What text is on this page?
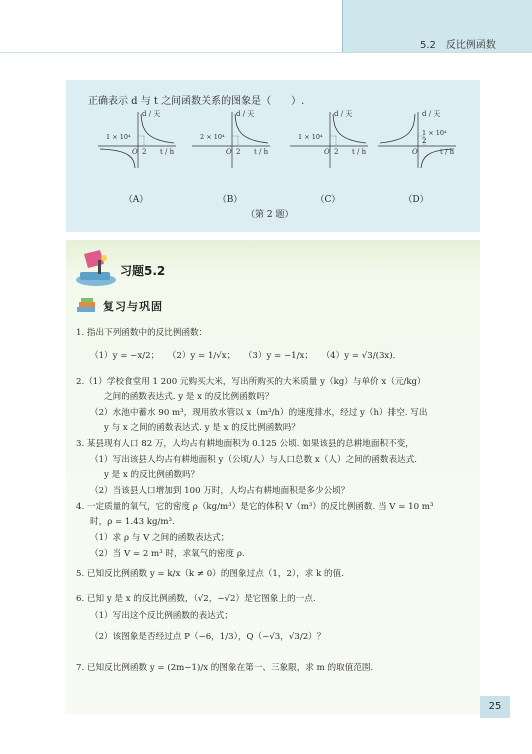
5.2　反比例函数
正确表示 d 与 t 之间函数关系的图象是（　　）.
d / 天
1 × 10⁴
O 2 t / h
d / 天
2 × 10⁴
O 2 t / h
d / 天
1 × 10⁴
O 2 t / h
d / 天
1 × 10⁴
O
2
t / h
（A）	（B）	（C）	（D）
（第 2 题）
习题5.2
复习与巩固
1. 指出下列函数中的反比例函数：
（1）y = −x/2；　　（2）y = 1/√x；　　（3）y = −1/x；　　（4）y = √3/(3x).
2.（1）学校食堂用 1 200 元购买大米，写出所购买的大米质量 y（kg）与单价 x（元/kg）
之间的函数表达式. y 是 x 的反比例函数吗？
（2）水池中蓄水 90 m³，现用放水管以 x（m³/h）的速度排水，经过 y（h）排空. 写出
y 与 x 之间的函数表达式. y 是 x 的反比例函数吗？
3. 某县现有人口 82 万，人均占有耕地面积为 0.125 公顷. 如果该县的总耕地面积不变，
（1）写出该县人均占有耕地面积 y（公顷/人）与人口总数 x（人）之间的函数表达式.
y 是 x 的反比例函数吗？
（2）当该县人口增加到 100 万时，人均占有耕地面积是多少公顷？
4. 一定质量的氧气，它的密度 ρ（kg/m³）是它的体积 V（m³）的反比例函数. 当 V = 10 m³
时，ρ = 1.43 kg/m³.
（1）求 ρ 与 V 之间的函数表达式；
（2）当 V = 2 m³ 时，求氧气的密度 ρ.
5. 已知反比例函数 y = k/x（k ≠ 0）的图象过点（1，2），求 k 的值.
6. 已知 y 是 x 的反比例函数，（√2，−√2）是它图象上的一点.
（1）写出这个反比例函数的表达式；
（2）该图象是否经过点 P（−6，1/3），Q（−√3，√3/2）？
7. 已知反比例函数 y = (2m−1)/x 的图象在第一、三象限，求 m 的取值范围.
25
